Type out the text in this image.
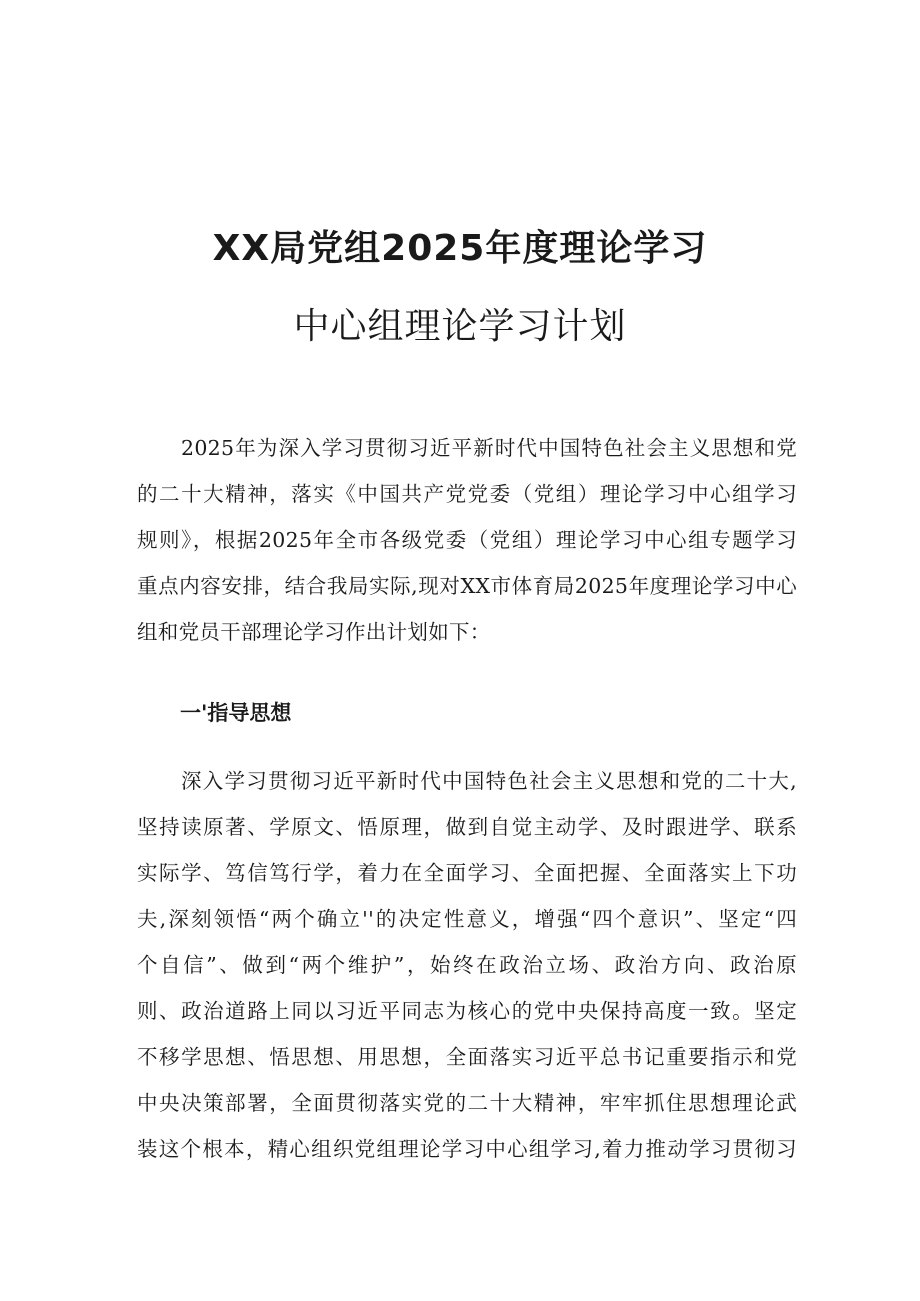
XX局党组2025年度理论学习
中心组理论学习计划
2025年为深入学习贯彻习近平新时代中国特色社会主义思想和党
的二十大精神，落实《中国共产党党委（党组）理论学习中心组学习
规则》，根据2025年全市各级党委（党组）理论学习中心组专题学习
重点内容安排，结合我局实际,现对XX市体育局2025年度理论学习中心
组和党员干部理论学习作出计划如下：
一'指导思想
深入学习贯彻习近平新时代中国特色社会主义思想和党的二十大,
坚持读原著、学原文、悟原理，做到自觉主动学、及时跟进学、联系
实际学、笃信笃行学，着力在全面学习、全面把握、全面落实上下功
夫,深刻领悟“两个确立''的决定性意义，增强“四个意识”、坚定“四
个自信”、做到“两个维护”，始终在政治立场、政治方向、政治原
则、政治道路上同以习近平同志为核心的党中央保持高度一致。坚定
不移学思想、悟思想、用思想，全面落实习近平总书记重要指示和党
中央决策部署，全面贯彻落实党的二十大精神，牢牢抓住思想理论武
装这个根本，精心组织党组理论学习中心组学习,着力推动学习贯彻习
